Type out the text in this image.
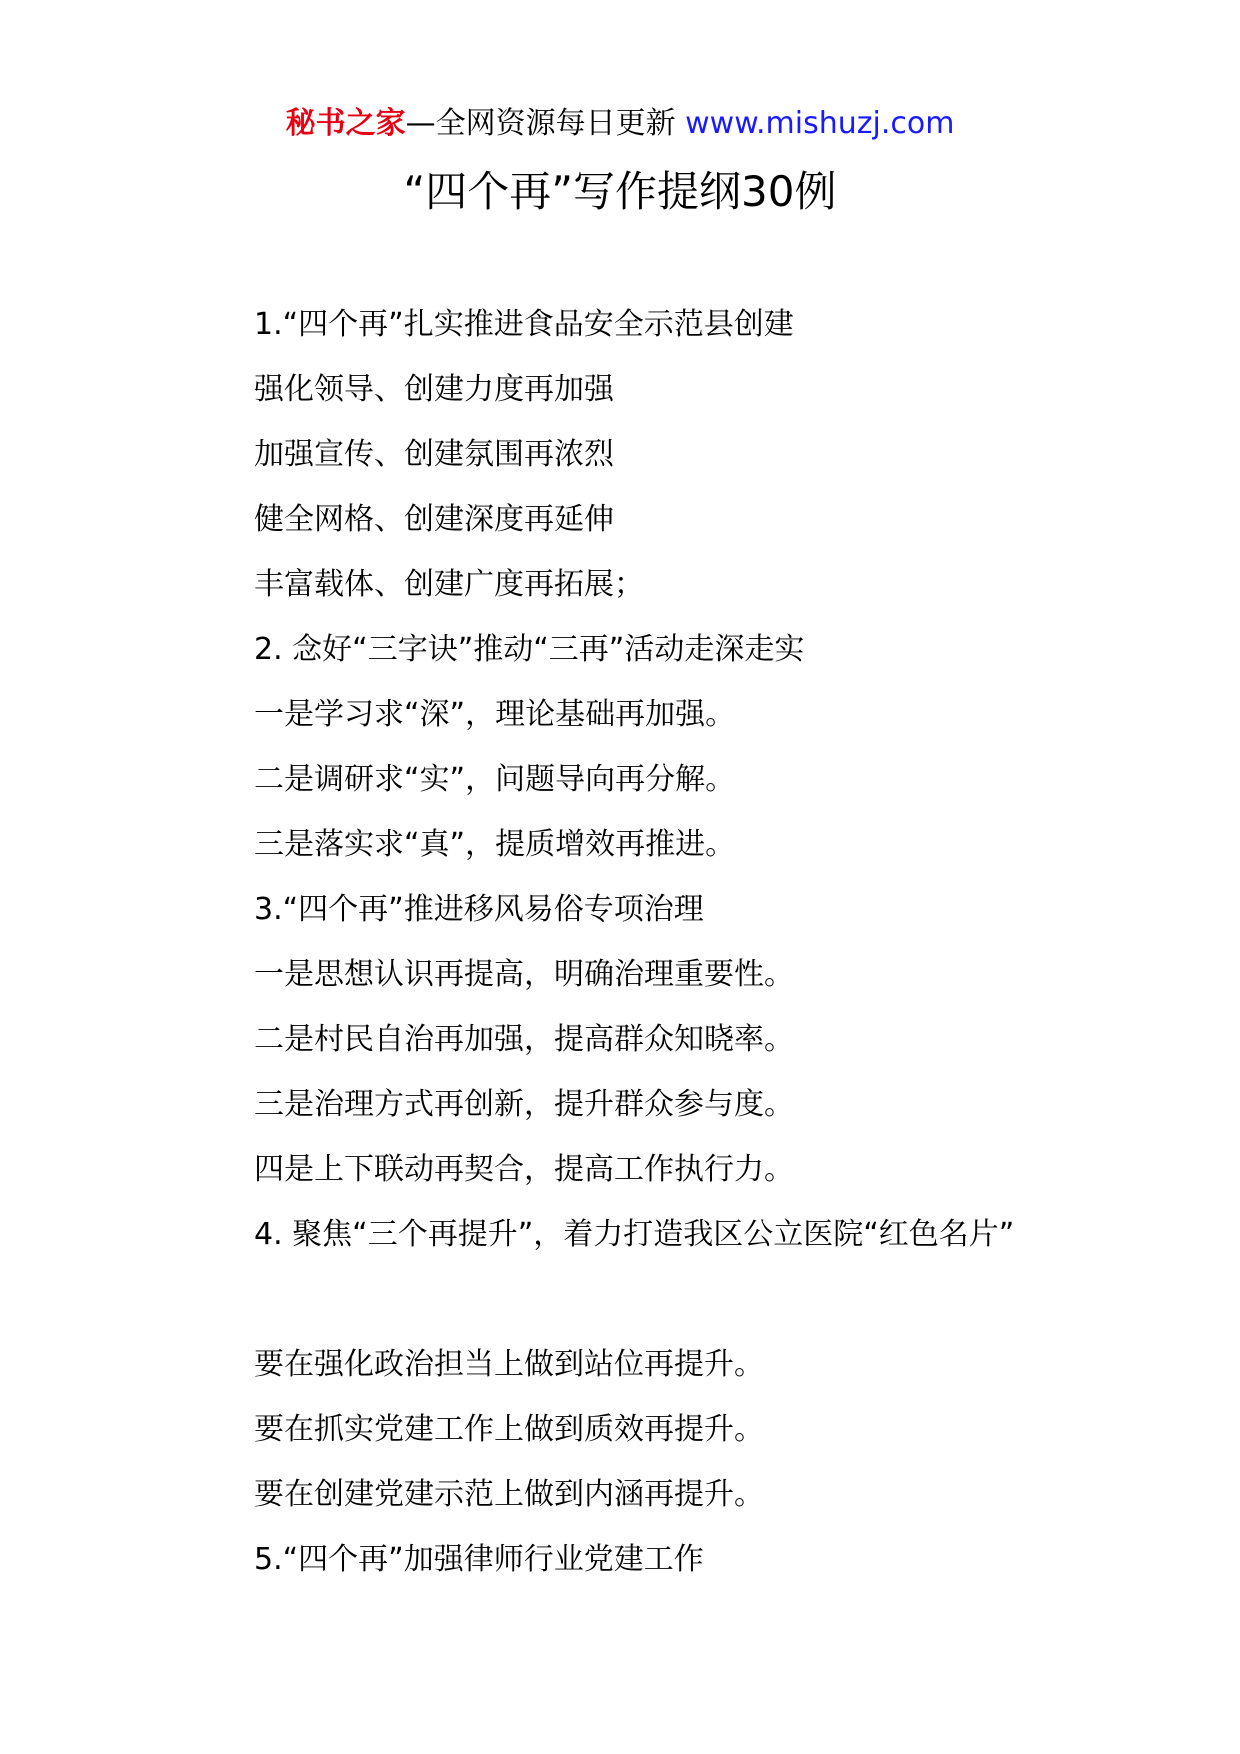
秘书之家—全网资源每日更新 www.mishuzj.com
“四个再”写作提纲30例
1.“四个再”扎实推进食品安全示范县创建
强化领导、创建力度再加强
加强宣传、创建氛围再浓烈
健全网格、创建深度再延伸
丰富载体、创建广度再拓展；
2. 念好“三字诀”推动“三再”活动走深走实
一是学习求“深”，理论基础再加强。
二是调研求“实”，问题导向再分解。
三是落实求“真”，提质增效再推进。
3.“四个再”推进移风易俗专项治理
一是思想认识再提高，明确治理重要性。
二是村民自治再加强，提高群众知晓率。
三是治理方式再创新，提升群众参与度。
四是上下联动再契合，提高工作执行力。
4. 聚焦“三个再提升”，着力打造我区公立医院“红色名片”
要在强化政治担当上做到站位再提升。
要在抓实党建工作上做到质效再提升。
要在创建党建示范上做到内涵再提升。
5.“四个再”加强律师行业党建工作
